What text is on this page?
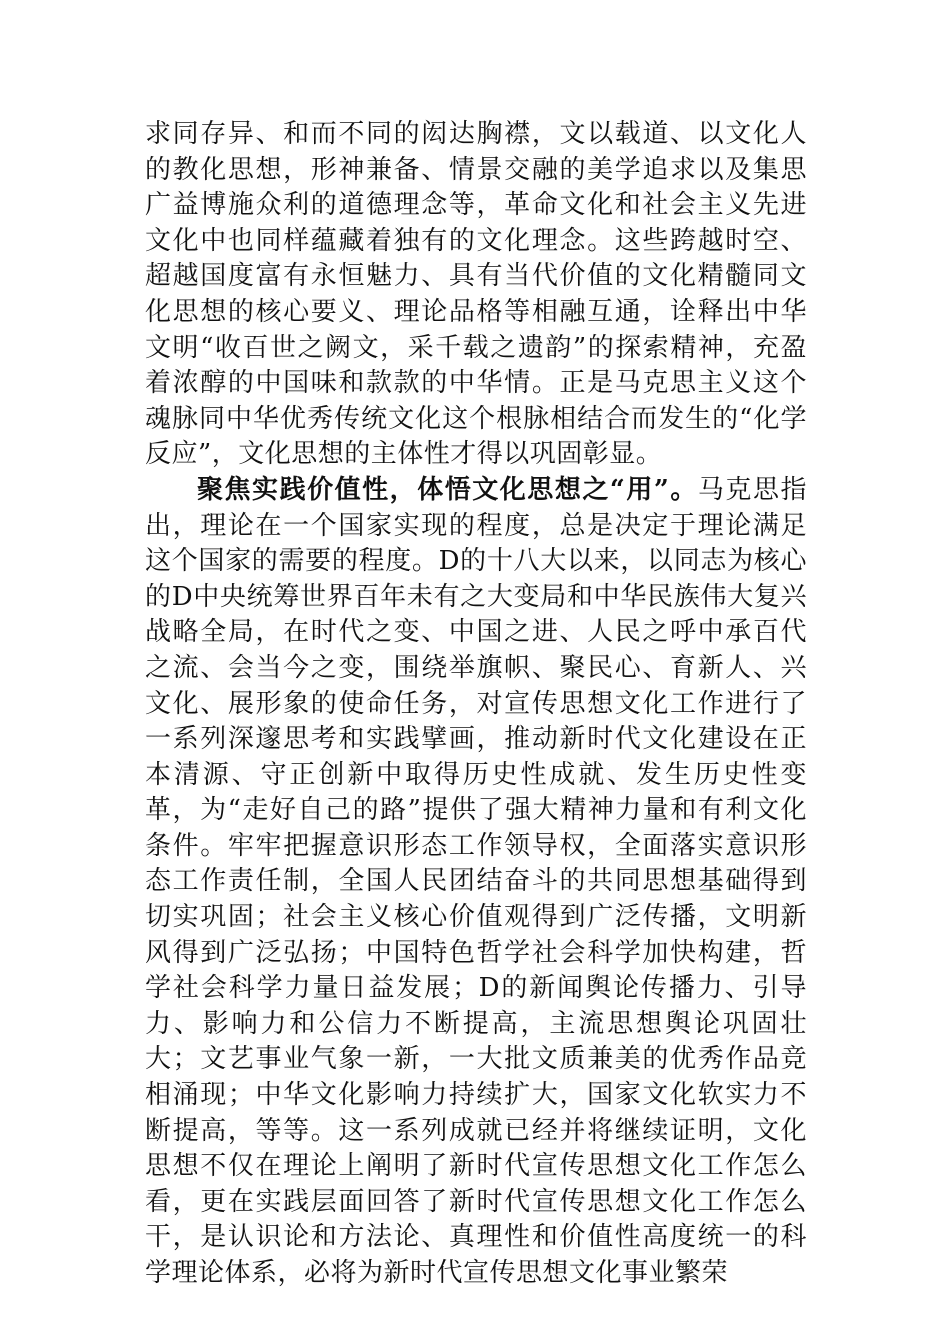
求同存异、和而不同的闳达胸襟，文以载道、以文化人的教化思想，形神兼备、情景交融的美学追求以及集思广益博施众利的道德理念等，革命文化和社会主义先进文化中也同样蕴藏着独有的文化理念。这些跨越时空、超越国度富有永恒魅力、具有当代价值的文化精髓同文化思想的核心要义、理论品格等相融互通，诠释出中华文明“收百世之阙文，采千载之遗韵”的探索精神，充盈着浓醇的中国味和款款的中华情。正是马克思主义这个魂脉同中华优秀传统文化这个根脉相结合而发生的“化学反应”，文化思想的主体性才得以巩固彰显。

聚焦实践价值性，体悟文化思想之“用”。马克思指出，理论在一个国家实现的程度，总是决定于理论满足这个国家的需要的程度。D的十八大以来，以同志为核心的D中央统筹世界百年未有之大变局和中华民族伟大复兴战略全局，在时代之变、中国之进、人民之呼中承百代之流、会当今之变，围绕举旗帜、聚民心、育新人、兴文化、展形象的使命任务，对宣传思想文化工作进行了一系列深邃思考和实践擘画，推动新时代文化建设在正本清源、守正创新中取得历史性成就、发生历史性变革，为“走好自己的路”提供了强大精神力量和有利文化条件。牢牢把握意识形态工作领导权，全面落实意识形态工作责任制，全国人民团结奋斗的共同思想基础得到切实巩固；社会主义核心价值观得到广泛传播，文明新风得到广泛弘扬；中国特色哲学社会科学加快构建，哲学社会科学力量日益发展；D的新闻舆论传播力、引导力、影响力和公信力不断提高，主流思想舆论巩固壮大；文艺事业气象一新，一大批文质兼美的优秀作品竞相涌现；中华文化影响力持续扩大，国家文化软实力不断提高，等等。这一系列成就已经并将继续证明，文化思想不仅在理论上阐明了新时代宣传思想文化工作怎么看，更在实践层面回答了新时代宣传思想文化工作怎么干，是认识论和方法论、真理性和价值性高度统一的科学理论体系，必将为新时代宣传思想文化事业繁荣
